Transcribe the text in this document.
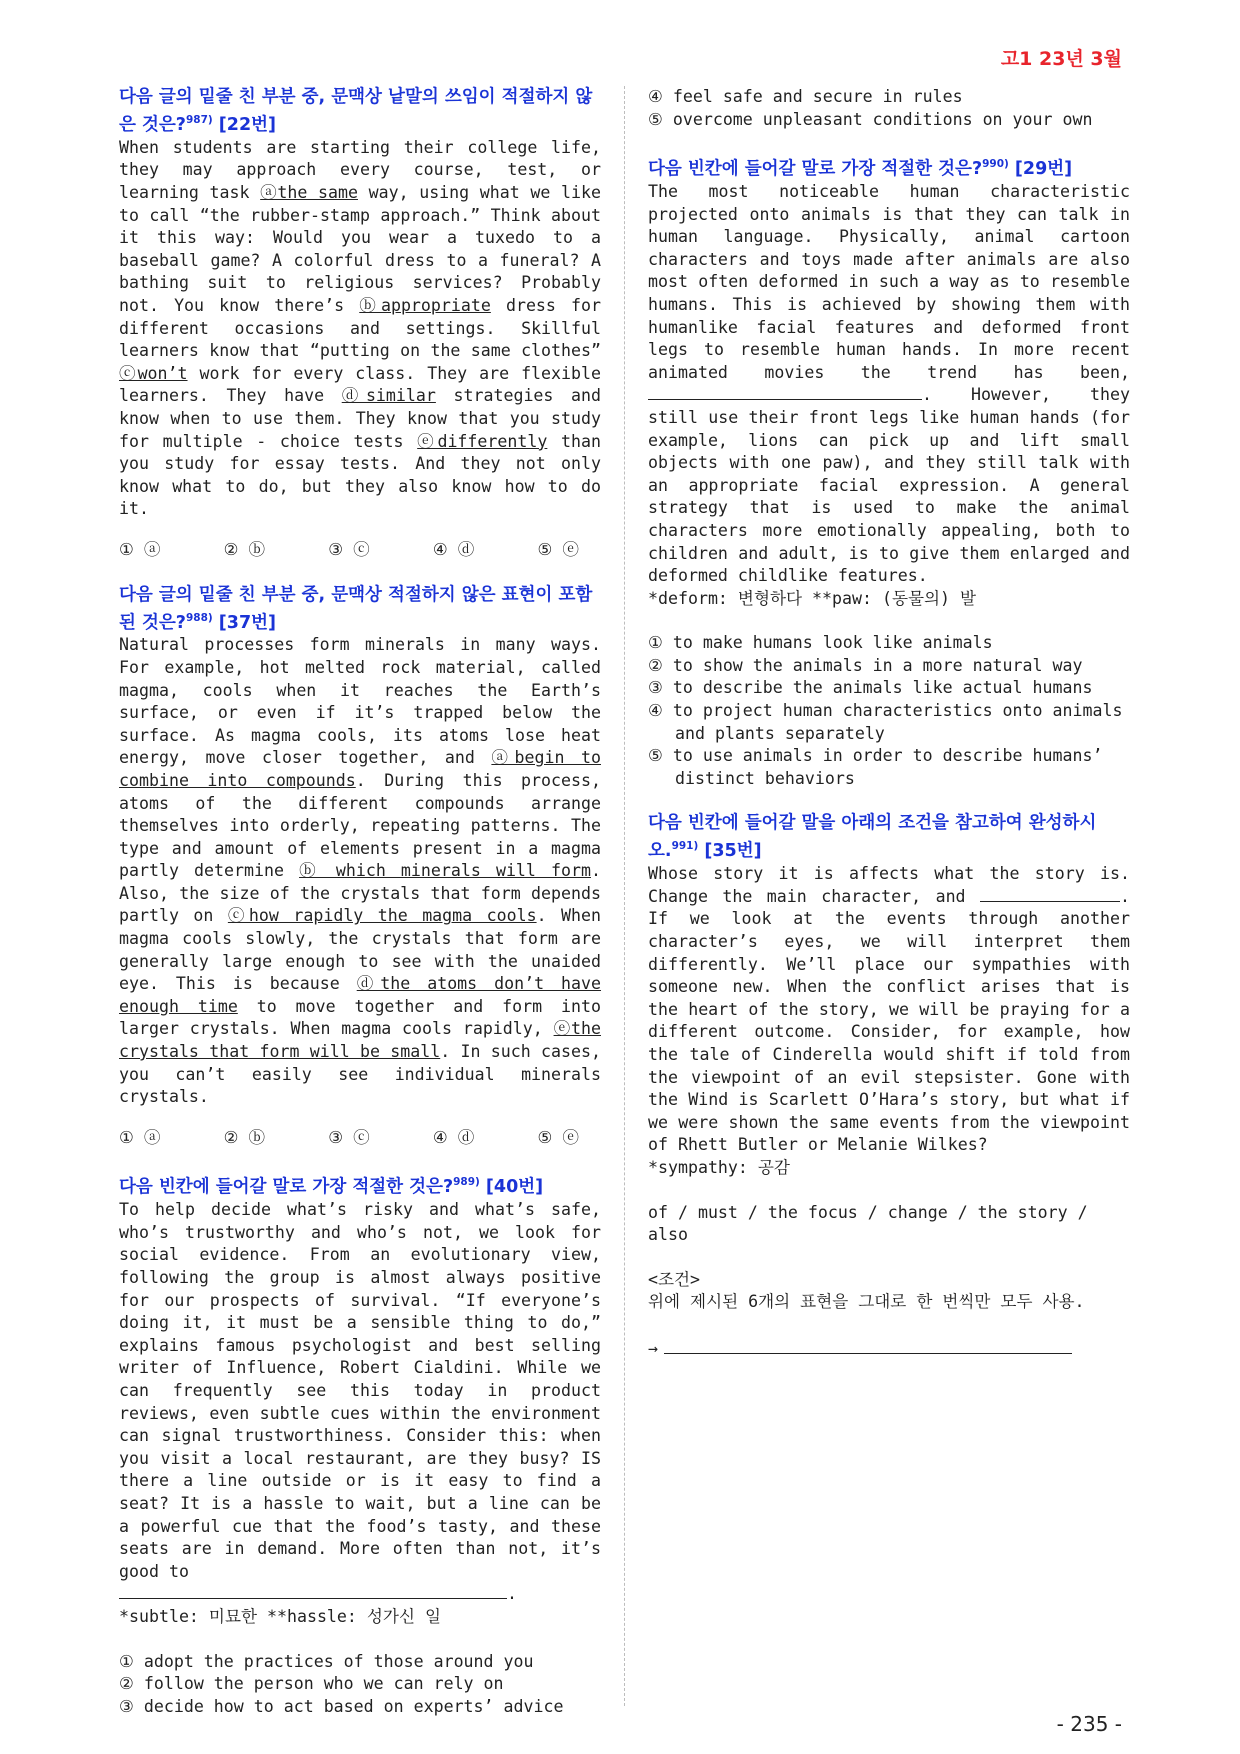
고1 23년 3월

다음 글의 밑줄 친 부분 중, 문맥상 낱말의 쓰임이 적절하지 않은 것은?$^{987)}$ [22번]

When students are starting their college life, they may approach every course, test, or learning task ⓐthe same way, using what we like to call “the rubber-stamp approach.” Think about it this way: Would you wear a tuxedo to a baseball game? A colorful dress to a funeral? A bathing suit to religious services? Probably not. You know there’s ⓑappropriate dress for different occasions and settings. Skillful learners know that “putting on the same clothes” ⓒwon’t work for every class. They are flexible learners. They have ⓓsimilar strategies and know when to use them. They know that you study for multiple - choice tests ⓔdifferently than you study for essay tests. And they not only know what to do, but they also know how to do it.

① ⓐ	② ⓑ	③ ⓒ	④ ⓓ	⑤ ⓔ

다음 글의 밑줄 친 부분 중, 문맥상 적절하지 않은 표현이 포함된 것은?$^{988)}$ [37번]

Natural processes form minerals in many ways. For example, hot melted rock material, called magma, cools when it reaches the Earth’s surface, or even if it’s trapped below the surface. As magma cools, its atoms lose heat energy, move closer together, and ⓐbegin to combine into compounds. During this process, atoms of the different compounds arrange themselves into orderly, repeating patterns. The type and amount of elements present in a magma partly determine ⓑ which minerals will form. Also, the size of the crystals that form depends partly on ⓒhow rapidly the magma cools. When magma cools slowly, the crystals that form are generally large enough to see with the unaided eye. This is because ⓓthe atoms don’t have enough time to move together and form into larger crystals. When magma cools rapidly, ⓔthe crystals that form will be small. In such cases, you can’t easily see individual minerals crystals.

① ⓐ	② ⓑ	③ ⓒ	④ ⓓ	⑤ ⓔ

다음 빈칸에 들어갈 말로 가장 적절한 것은?$^{989)}$ [40번]

To help decide what’s risky and what’s safe, who’s trustworthy and who’s not, we look for social evidence. From an evolutionary view, following the group is almost always positive for our prospects of survival. “If everyone’s doing it, it must be a sensible thing to do,” explains famous psychologist and best selling writer of Influence, Robert Cialdini. While we can frequently see this today in product reviews, even subtle cues within the environment can signal trustworthiness. Consider this: when you visit a local restaurant, are they busy? IS there a line outside or is it easy to find a seat? It is a hassle to wait, but a line can be a powerful cue that the food’s tasty, and these seats are in demand. More often than not, it’s good to
.

*subtle: 미묘한 **hassle: 성가신 일

① adopt the practices of those around you

② follow the person who we can rely on

③ decide how to act based on experts’ advice

④ feel safe and secure in rules

⑤ overcome unpleasant conditions on your own

다음 빈칸에 들어갈 말로 가장 적절한 것은?$^{990)}$ [29번]

The most noticeable human characteristic projected onto animals is that they can talk in human language. Physically, animal cartoon characters and toys made after animals are also most often deformed in such a way as to resemble humans. This is achieved by showing them with humanlike facial features and deformed front legs to resemble human hands. In more recent animated movies the trend has been, . However, they still use their front legs like human hands (for example, lions can pick up and lift small objects with one paw), and they still talk with an appropriate facial expression. A general strategy that is used to make the animal characters more emotionally appealing, both to children and adult, is to give them enlarged and deformed childlike features.

*deform: 변형하다 **paw: (동물의) 발

① to make humans look like animals

② to show the animals in a more natural way

③ to describe the animals like actual humans

④ to project human characteristics onto animals and plants separately

⑤ to use animals in order to describe humans’ distinct behaviors

다음 빈칸에 들어갈 말을 아래의 조건을 참고하여 완성하시오.$^{991)}$ [35번]

Whose story it is affects what the story is. Change the main character, and	. If we look at the events through another character’s eyes, we will interpret them differently. We’ll place our sympathies with someone new. When the conflict arises that is the heart of the story, we will be praying for a different outcome. Consider, for example, how the tale of Cinderella would shift if told from the viewpoint of an evil stepsister. Gone with the Wind is Scarlett O’Hara’s story, but what if we were shown the same events from the viewpoint of Rhett Butler or Melanie Wilkes?

*sympathy: 공감

of / must / the focus / change / the story / also

<조건>

위에 제시된 6개의 표현을 그대로 한 번씩만 모두 사용.

→

- 235 -
